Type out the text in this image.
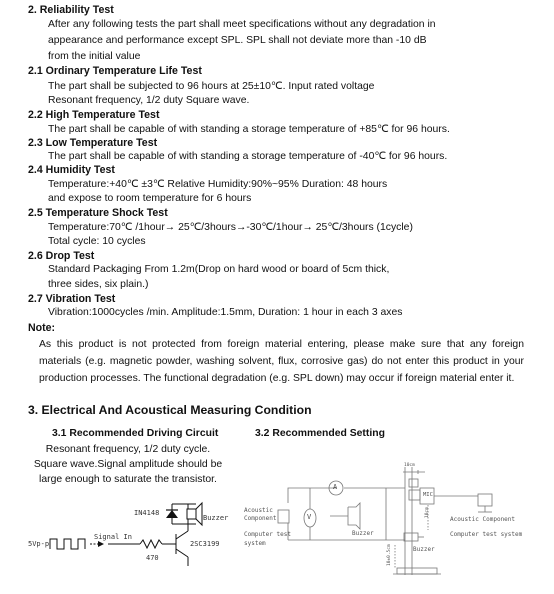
2. Reliability Test
After any following tests the part shall meet specifications without any degradation in
appearance and performance except SPL. SPL shall not deviate more than -10 dB
from the initial value
2.1 Ordinary Temperature Life Test
The part shall be subjected to 96 hours at 25±10℃. Input rated voltage
Resonant frequency, 1/2 duty Square wave.
2.2 High Temperature Test
The part shall be capable of with standing a storage temperature of +85℃ for 96 hours.
2.3 Low Temperature Test
The part shall be capable of with standing a storage temperature of -40℃ for 96 hours.
2.4 Humidity Test
Temperature:+40℃ ±3℃ Relative Humidity:90%~95% Duration: 48 hours
and expose to room temperature for 6 hours
2.5 Temperature Shock Test
Temperature:70℃ /1hour→ 25℃/3hours→-30℃/1hour→ 25℃/3hours (1cycle)
Total cycle: 10 cycles
2.6 Drop Test
Standard Packaging From 1.2m(Drop on hard wood or board of 5cm thick,
three sides, six plain.)
2.7 Vibration Test
Vibration:1000cycles /min. Amplitude:1.5mm, Duration: 1 hour in each 3 axes
Note:
As this product is not protected from foreign material entering, please make sure that any foreign materials (e.g. magnetic powder, washing solvent, flux, corrosive gas) do not enter this product in your production processes. The functional degradation (e.g. SPL down) may occur if foreign material enter it.
3. Electrical And Acoustical Measuring Condition
3.1 Recommended Driving Circuit	3.2 Recommended Setting
Resonant frequency, 1/2 duty cycle.
Square wave.Signal amplitude should be
large enough to saturate the transistor.
IN4148
Buzzer
Signal In
5Vp-p	2SC3199
470
A
V
Acoustic
Component
Computer test
system
Buzzer
MIC
10cm
10cm
10±0.5cm	Buzzer
Acoustic Component
Computer test system
